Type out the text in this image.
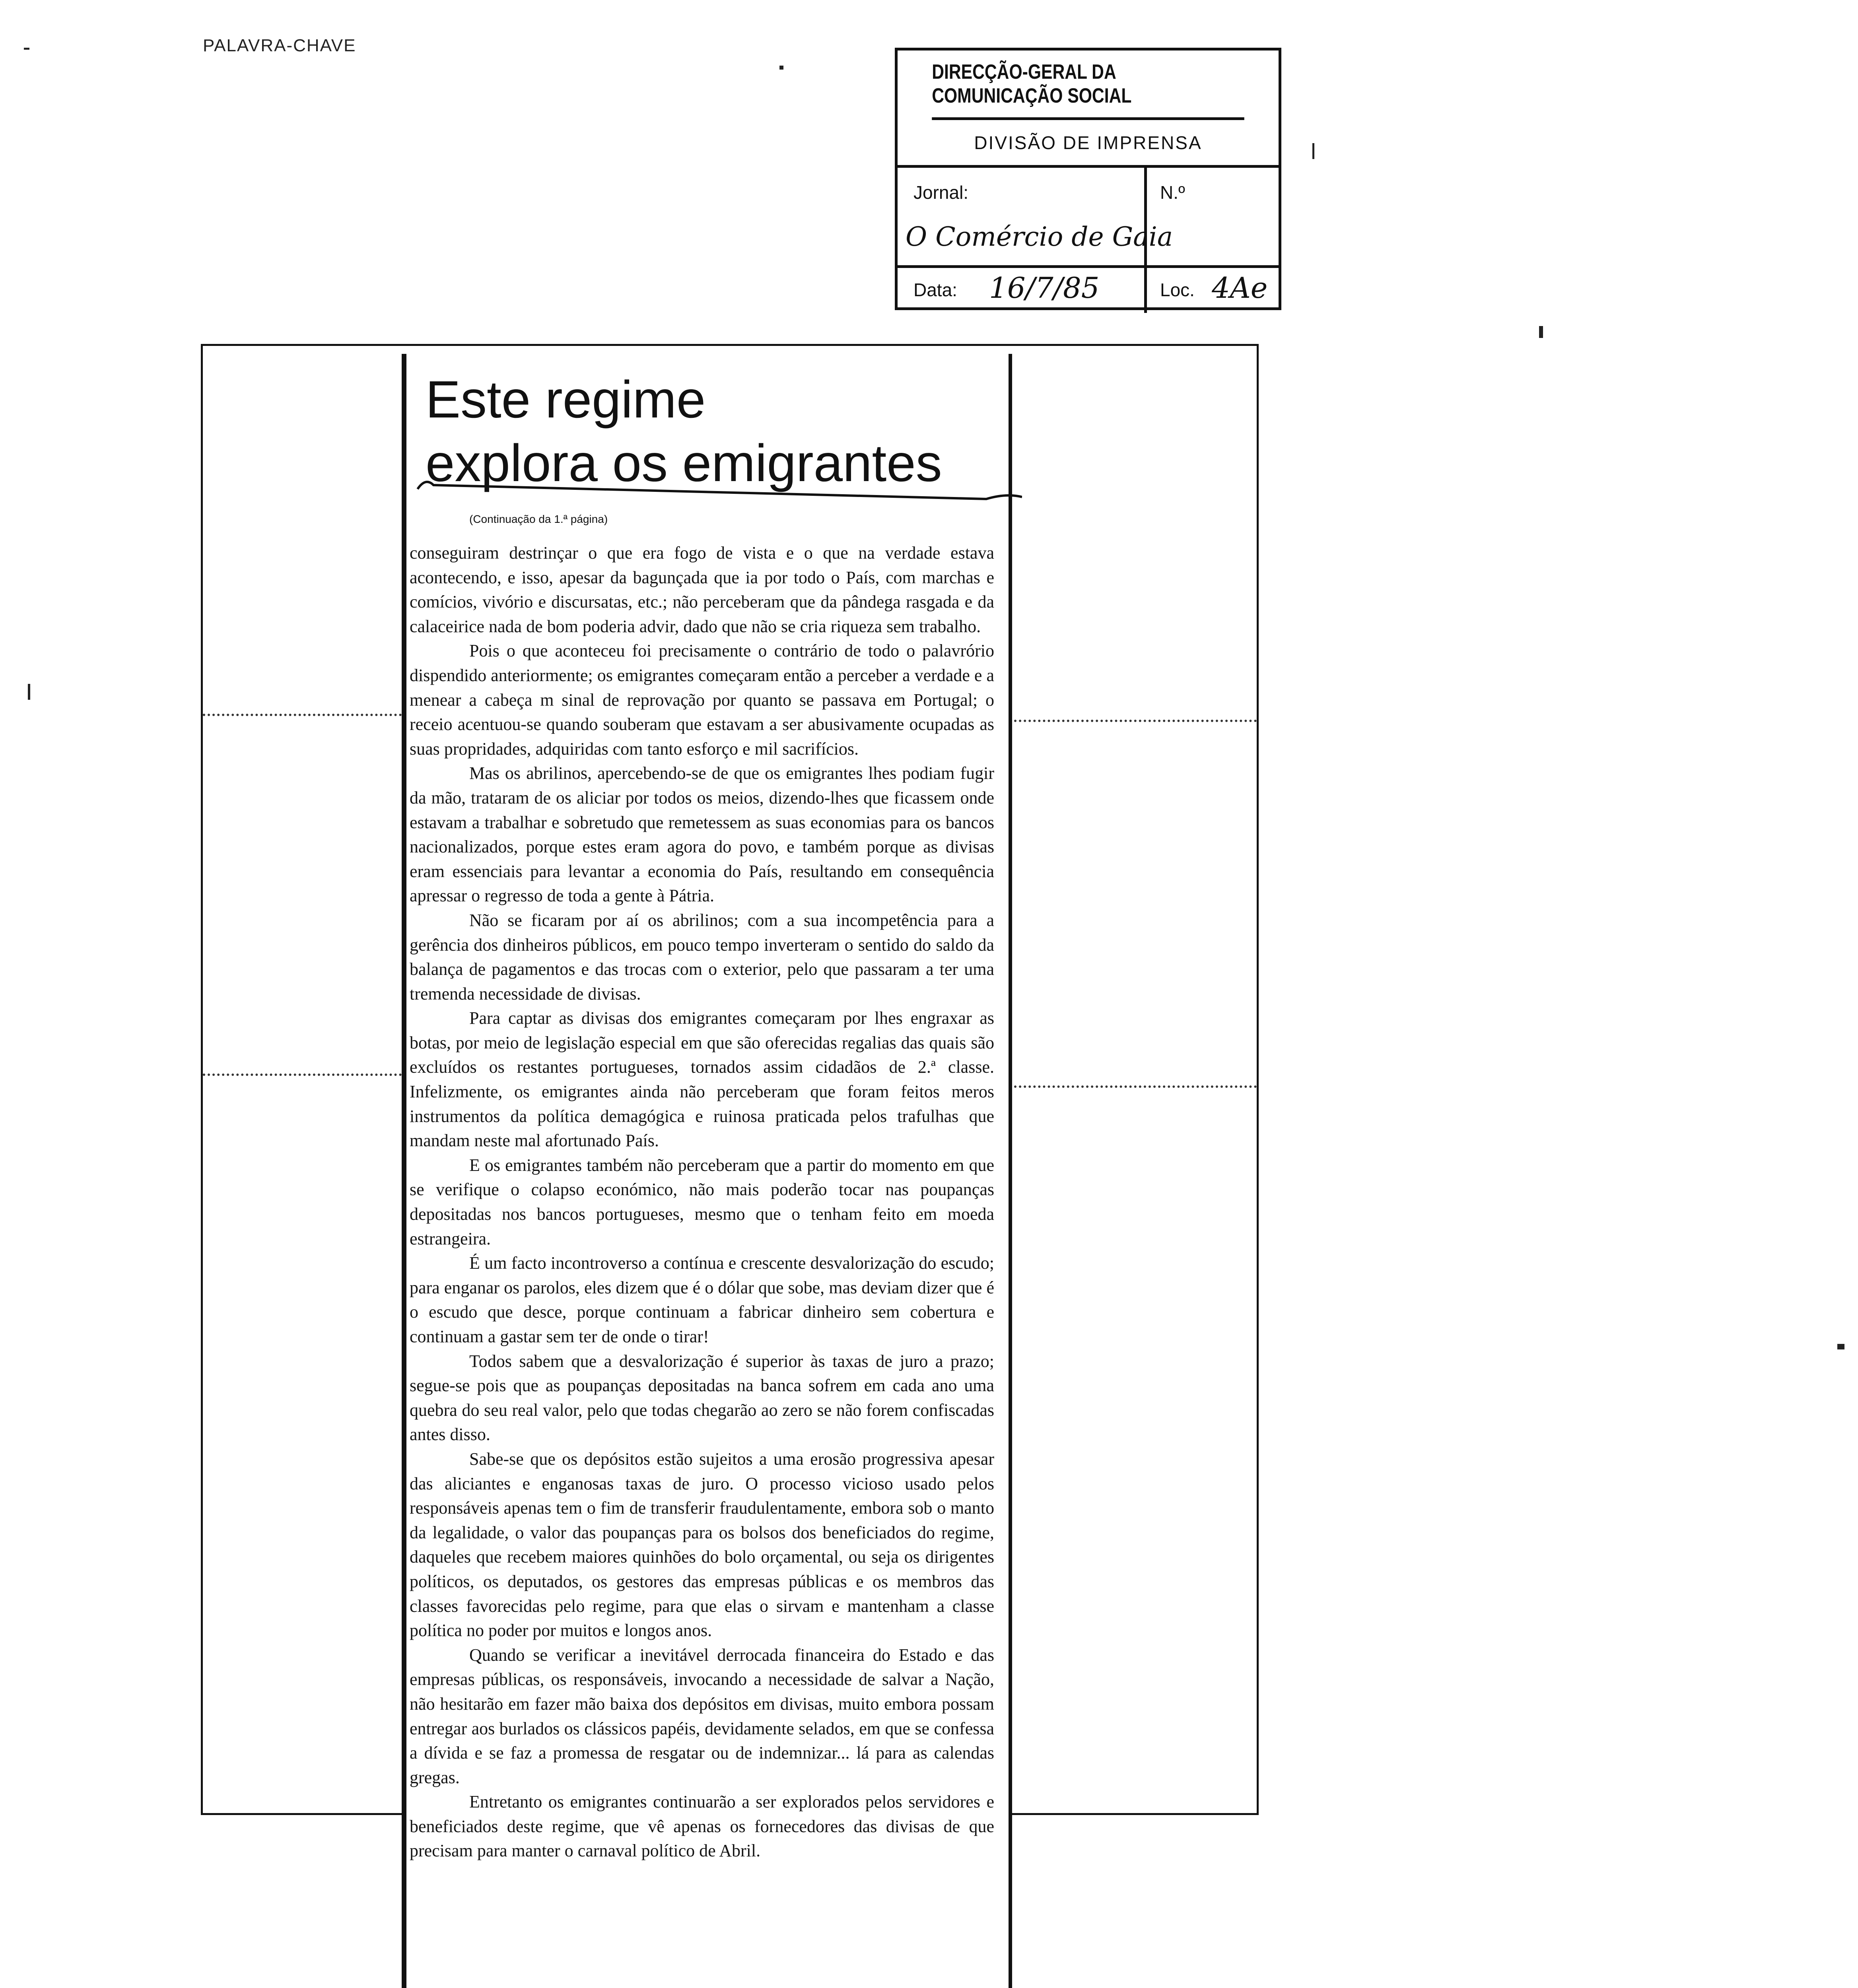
PALAVRA-CHAVE
DIRECÇÃO-GERAL DA COMUNICAÇÃO SOCIAL
DIVISÃO DE IMPRENSA
Jornal:
O Comércio de Gaia
N.º
Data: 16/7/85	Loc. 4Ae
Este regime
explora os emigrantes
(Continuação da 1.ª página)

conseguiram destrinçar o que era fogo de vista e o que na verdade estava acontecendo, e isso, apesar da bagunçada que ia por todo o País, com marchas e comícios, vivório e discursatas, etc.; não perceberam que da pândega rasgada e da calaceirice nada de bom poderia advir, dado que não se cria riqueza sem trabalho.

Pois o que aconteceu foi precisamente o contrário de todo o palavrório dispendido anteriormente; os emigrantes começaram então a perceber a verdade e a menear a cabeça m sinal de reprovação por quanto se passava em Portugal; o receio acentuou-se quando souberam que estavam a ser abusivamente ocupadas as suas propridades, adquiridas com tanto esforço e mil sacrifícios.

Mas os abrilinos, apercebendo-se de que os emigrantes lhes podiam fugir da mão, trataram de os aliciar por todos os meios, dizendo-lhes que ficassem onde estavam a trabalhar e sobretudo que remetessem as suas economias para os bancos nacionalizados, porque estes eram agora do povo, e também porque as divisas eram essenciais para levantar a economia do País, resultando em consequência apressar o regresso de toda a gente à Pátria.

Não se ficaram por aí os abrilinos; com a sua incompetência para a gerência dos dinheiros públicos, em pouco tempo inverteram o sentido do saldo da balança de pagamentos e das trocas com o exterior, pelo que passaram a ter uma tremenda necessidade de divisas.

Para captar as divisas dos emigrantes começaram por lhes engraxar as botas, por meio de legislação especial em que são oferecidas regalias das quais são excluídos os restantes portugueses, tornados assim cidadãos de 2.ª classe. Infelizmente, os emigrantes ainda não perceberam que foram feitos meros instrumentos da política demagógica e ruinosa praticada pelos trafulhas que mandam neste mal afortunado País.

E os emigrantes também não perceberam que a partir do momento em que se verifique o colapso económico, não mais poderão tocar nas poupanças depositadas nos bancos portugueses, mesmo que o tenham feito em moeda estrangeira.

É um facto incontroverso a contínua e crescente desvalorização do escudo; para enganar os parolos, eles dizem que é o dólar que sobe, mas deviam dizer que é o escudo que desce, porque continuam a fabricar dinheiro sem cobertura e continuam a gastar sem ter de onde o tirar!

Todos sabem que a desvalorização é superior às taxas de juro a prazo; segue-se pois que as poupanças depositadas na banca sofrem em cada ano uma quebra do seu real valor, pelo que todas chegarão ao zero se não forem confiscadas antes disso.

Sabe-se que os depósitos estão sujeitos a uma erosão progressiva apesar das aliciantes e enganosas taxas de juro. O processo vicioso usado pelos responsáveis apenas tem o fim de transferir fraudulentamente, embora sob o manto da legalidade, o valor das poupanças para os bolsos dos beneficiados do regime, daqueles que recebem maiores quinhões do bolo orçamental, ou seja os dirigentes políticos, os deputados, os gestores das empresas públicas e os membros das classes favorecidas pelo regime, para que elas o sirvam e mantenham a classe política no poder por muitos e longos anos.

Quando se verificar a inevitável derrocada financeira do Estado e das empresas públicas, os responsáveis, invocando a necessidade de salvar a Nação, não hesitarão em fazer mão baixa dos depósitos em divisas, muito embora possam entregar aos burlados os clássicos papéis, devidamente selados, em que se confessa a dívida e se faz a promessa de resgatar ou de indemnizar... lá para as calendas gregas.

Entretanto os emigrantes continuarão a ser explorados pelos servidores e beneficiados deste regime, que vê apenas os fornecedores das divisas de que precisam para manter o carnaval político de Abril.
